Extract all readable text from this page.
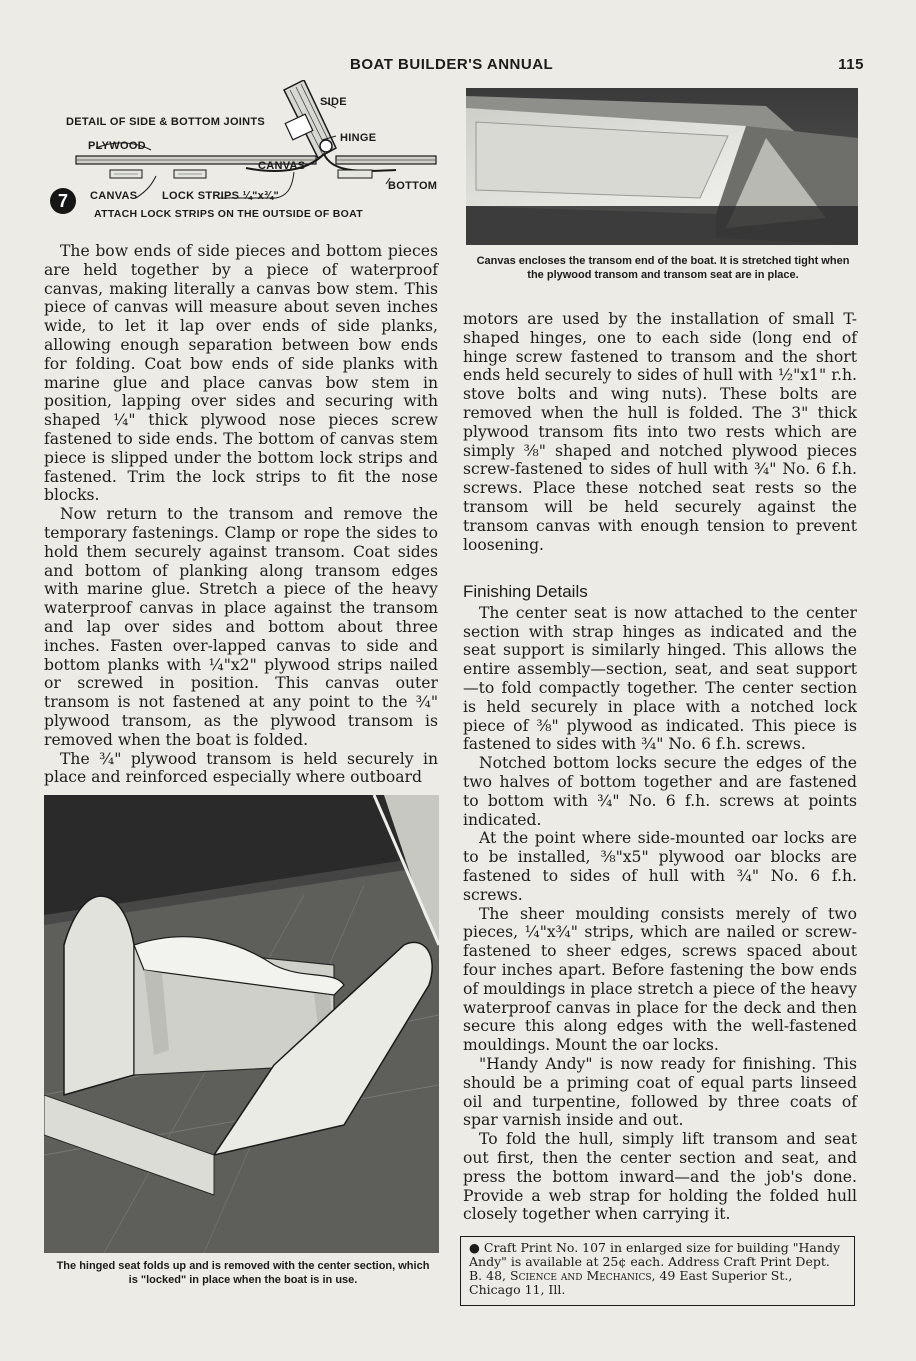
BOAT BUILDER'S ANNUAL	115
DETAIL OF SIDE & BOTTOM JOINTS
SIDE
HINGE
PLYWOOD
CANVAS
BOTTOM
CANVAS LOCK STRIPS ¼"x¾"
ATTACH LOCK STRIPS ON THE OUTSIDE OF BOAT
7
Canvas encloses the transom end of the boat. It is stretched tight when the plywood transom and transom seat are in place.

The bow ends of side pieces and bottom pieces are held together by a piece of waterproof canvas, making literally a canvas bow stem. This piece of canvas will measure about seven inches wide, to let it lap over ends of side planks, allowing enough separation between bow ends for folding. Coat bow ends of side planks with marine glue and place canvas bow stem in position, lapping over sides and securing with shaped ¼" thick plywood nose pieces screw fastened to side ends. The bottom of canvas stem piece is slipped under the bottom lock strips and fastened. Trim the lock strips to fit the nose blocks.

Now return to the transom and remove the temporary fastenings. Clamp or rope the sides to hold them securely against transom. Coat sides and bottom of planking along transom edges with marine glue. Stretch a piece of the heavy waterproof canvas in place against the transom and lap over sides and bottom about three inches. Fasten over-lapped canvas to side and bottom planks with ¼"x2" plywood strips nailed or screwed in position. This canvas outer transom is not fastened at any point to the ¾" plywood transom, as the plywood transom is removed when the boat is folded.

The ¾" plywood transom is held securely in place and reinforced especially where outboard

motors are used by the installation of small T-shaped hinges, one to each side (long end of hinge screw fastened to transom and the short ends held securely to sides of hull with ½"x1" r.h. stove bolts and wing nuts). These bolts are removed when the hull is folded. The 3" thick plywood transom fits into two rests which are simply ⅜" shaped and notched plywood pieces screw-fastened to sides of hull with ¾" No. 6 f.h. screws. Place these notched seat rests so the transom will be held securely against the transom canvas with enough tension to prevent loosening.

Finishing Details

The center seat is now attached to the center section with strap hinges as indicated and the seat support is similarly hinged. This allows the entire assembly—section, seat, and seat support—to fold compactly together. The center section is held securely in place with a notched lock piece of ⅜" plywood as indicated. This piece is fastened to sides with ¾" No. 6 f.h. screws.

Notched bottom locks secure the edges of the two halves of bottom together and are fastened to bottom with ¾" No. 6 f.h. screws at points indicated.

At the point where side-mounted oar locks are to be installed, ⅜"x5" plywood oar blocks are fastened to sides of hull with ¾" No. 6 f.h. screws.

The sheer moulding consists merely of two pieces, ¼"x¾" strips, which are nailed or screw-fastened to sheer edges, screws spaced about four inches apart. Before fastening the bow ends of mouldings in place stretch a piece of the heavy waterproof canvas in place for the deck and then secure this along edges with the well-fastened mouldings. Mount the oar locks.

"Handy Andy" is now ready for finishing. This should be a priming coat of equal parts linseed oil and turpentine, followed by three coats of spar varnish inside and out.

To fold the hull, simply lift transom and seat out first, then the center section and seat, and press the bottom inward—and the job's done. Provide a web strap for holding the folded hull closely together when carrying it.

The hinged seat folds up and is removed with the center section, which is "locked" in place when the boat is in use.
● Craft Print No. 107 in enlarged size for building "Handy Andy" is available at 25¢ each. Address Craft Print Dept. B. 48, Science and Mechanics, 49 East Superior St., Chicago 11, Ill.
